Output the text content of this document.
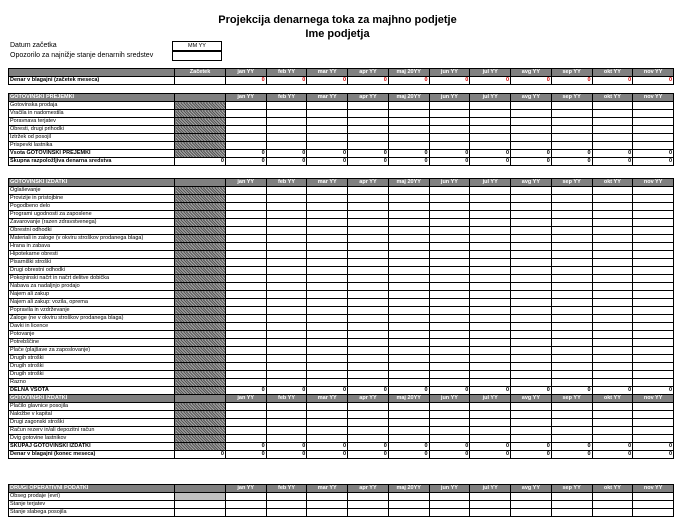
Projekcija denarnega toka za majhno podjetje
Ime podjetja
Datum začetka	MM YY
Opozorilo za najnižje stanje denarnih sredstev
	Začetek	jan YY	feb YY	mar YY	apr YY	maj 20YY	jun YY	jul YY	avg YY	sep YY	okt YY	nov YY
Denar v blagajni (začetek meseca)		0	0	0	0	0	0	0	0	0	0	0
GOTOVINSKI PREJEMKI		jan YY	feb YY	mar YY	apr YY	maj 20YY	jun YY	jul YY	avg YY	sep YY	okt YY	nov YY
Gotovinska prodaja												
Vračila in nadomestila												
Poravnava terjatev												
Obresti, drugi prihodki												
Iztržek od posojil												
Prispevki lastnika												
Vsota GOTOVINSKI PREJEMKI		0	0	0	0	0	0	0	0	0	0	0
Skupna razpoložljiva denarna sredstva	0	0	0	0	0	0	0	0	0	0	0	0
GOTOVINSKI IZDATKI		jan YY	feb YY	mar YY	apr YY	maj 20YY	jun YY	jul YY	avg YY	sep YY	okt YY	nov YY
Oglaševanje												
Provizije in pristojbine												
Pogodbeno delo												
Programi ugodnosti za zaposlene												
Zavarovanje (razen zdravstvenega)												
Obrestni odhodki												
Materiali in zaloge (v okviru stroškov prodanega blaga)												
Hrana in zabava												
Hipotekarne obresti												
Pisarniški stroški												
Drugi obrestni odhodki												
Pokojninski načrt in načrt delitve dobička												
Nabava za nadaljnjo prodajo												
Najem ali zakup												
Najem ali zakup: vozila, oprema												
Popravila in vzdrževanje												
Zaloge (ne v okviru stroškov prodanega blaga)												
Davki in licence												
Potovanje												
Potrebščine												
Plače (plajšave za zaposlovanje)												
Drugih stroški												
Drugih stroški												
Drugih stroški												
Razno												
DELNA VSOTA		0	0	0	0	0	0	0	0	0	0	0
GOTOVINSKI IZDATKI		jan YY	feb YY	mar YY	apr YY	maj 20YY	jun YY	jul YY	avg YY	sep YY	okt YY	nov YY
Plačilo glavnice posojila												
Naložbe v kapital												
Drugi zagonski stroški												
Račun rezerv in/ali depozitni račun												
Dvig gotovine lastnikov												
SKUPAJ GOTOVINSKI IZDATKI		0	0	0	0	0	0	0	0	0	0	0
Denar v blagajni (konec meseca)	0	0	0	0	0	0	0	0	0	0	0	0
DRUGI OPERATIVNI PODATKI		jan YY	feb YY	mar YY	apr YY	maj 20YY	jun YY	jul YY	avg YY	sep YY	okt YY	nov YY
Obseg prodaje (evri)												
Stanje terjatev												
Stanje slabega posojila												
